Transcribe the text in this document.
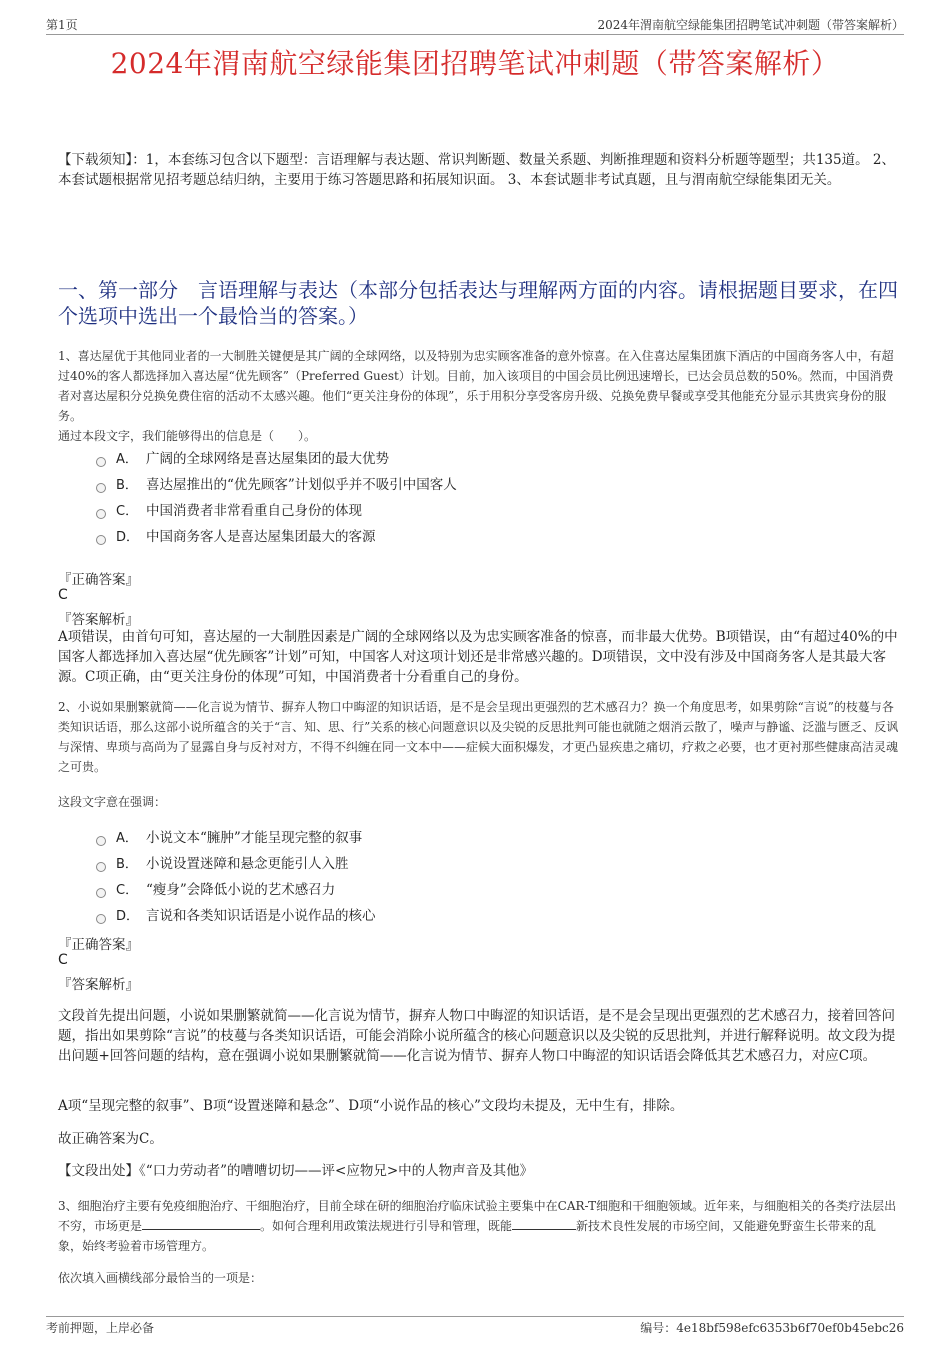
第1页	2024年渭南航空绿能集团招聘笔试冲刺题（带答案解析）
2024年渭南航空绿能集团招聘笔试冲刺题（带答案解析）
【下载须知】：1，本套练习包含以下题型：言语理解与表达题、常识判断题、数量关系题、判断推理题和资料分析题等题型；共135道。 2、本套试题根据常见招考题总结归纳，主要用于练习答题思路和拓展知识面。 3、本套试题非考试真题，且与渭南航空绿能集团无关。
一、第一部分　言语理解与表达（本部分包括表达与理解两方面的内容。请根据题目要求，在四个选项中选出一个最恰当的答案。）
1、喜达屋优于其他同业者的一大制胜关键便是其广阔的全球网络，以及特别为忠实顾客准备的意外惊喜。在入住喜达屋集团旗下酒店的中国商务客人中，有超过40%的客人都选择加入喜达屋“优先顾客”（Preferred Guest）计划。目前，加入该项目的中国会员比例迅速增长，已达会员总数的50%。然而，中国消费者对喜达屋积分兑换免费住宿的活动不太感兴趣。他们“更关注身份的体现”，乐于用积分享受客房升级、兑换免费早餐或享受其他能充分显示其贵宾身份的服务。
通过本段文字，我们能够得出的信息是（　　）。
A． 广阔的全球网络是喜达屋集团的最大优势
B． 喜达屋推出的“优先顾客”计划似乎并不吸引中国客人
C． 中国消费者非常看重自己身份的体现
D． 中国商务客人是喜达屋集团最大的客源
『正确答案』
C
『答案解析』
A项错误，由首句可知，喜达屋的一大制胜因素是广阔的全球网络以及为忠实顾客准备的惊喜，而非最大优势。B项错误，由“有超过40%的中国客人都选择加入喜达屋“优先顾客”计划”可知，中国客人对这项计划还是非常感兴趣的。D项错误，文中没有涉及中国商务客人是其最大客源。C项正确，由“更关注身份的体现”可知，中国消费者十分看重自己的身份。
2、小说如果删繁就简——化言说为情节、摒弃人物口中晦涩的知识话语，是不是会呈现出更强烈的艺术感召力？换一个角度思考，如果剪除“言说”的枝蔓与各类知识话语，那么这部小说所蕴含的关于“言、知、思、行”关系的核心问题意识以及尖锐的反思批判可能也就随之烟消云散了，噪声与静谧、泛滥与匮乏、反讽与深情、卑琐与高尚为了显露自身与反衬对方，不得不纠缠在同一文本中——症候大面积爆发，才更凸显疾患之痛切，疗救之必要，也才更衬那些健康高洁灵魂之可贵。
这段文字意在强调：
A． 小说文本“臃肿”才能呈现完整的叙事
B． 小说设置迷障和悬念更能引人入胜
C． “瘦身”会降低小说的艺术感召力
D． 言说和各类知识话语是小说作品的核心
『正确答案』
C
『答案解析』
文段首先提出问题，小说如果删繁就简——化言说为情节，摒弃人物口中晦涩的知识话语，是不是会呈现出更强烈的艺术感召力，接着回答问题，指出如果剪除“言说”的枝蔓与各类知识话语，可能会消除小说所蕴含的核心问题意识以及尖锐的反思批判，并进行解释说明。故文段为提出问题+回答问题的结构，意在强调小说如果删繁就简——化言说为情节、摒弃人物口中晦涩的知识话语会降低其艺术感召力，对应C项。
A项“呈现完整的叙事”、B项“设置迷障和悬念”、D项“小说作品的核心”文段均未提及，无中生有，排除。
故正确答案为C。
【文段出处】《“口力劳动者”的嘈嘈切切——评<应物兄>中的人物声音及其他》
3、细胞治疗主要有免疫细胞治疗、干细胞治疗，目前全球在研的细胞治疗临床试验主要集中在CAR-T细胞和干细胞领域。近年来，与细胞相关的各类疗法层出不穷，市场更是	。如何合理利用政策法规进行引导和管理，既能	新技术良性发展的市场空间，又能避免野蛮生长带来的乱象，始终考验着市场管理方。
依次填入画横线部分最恰当的一项是：
考前押题，上岸必备	编号：4e18bf598efc6353b6f70ef0b45ebc26
